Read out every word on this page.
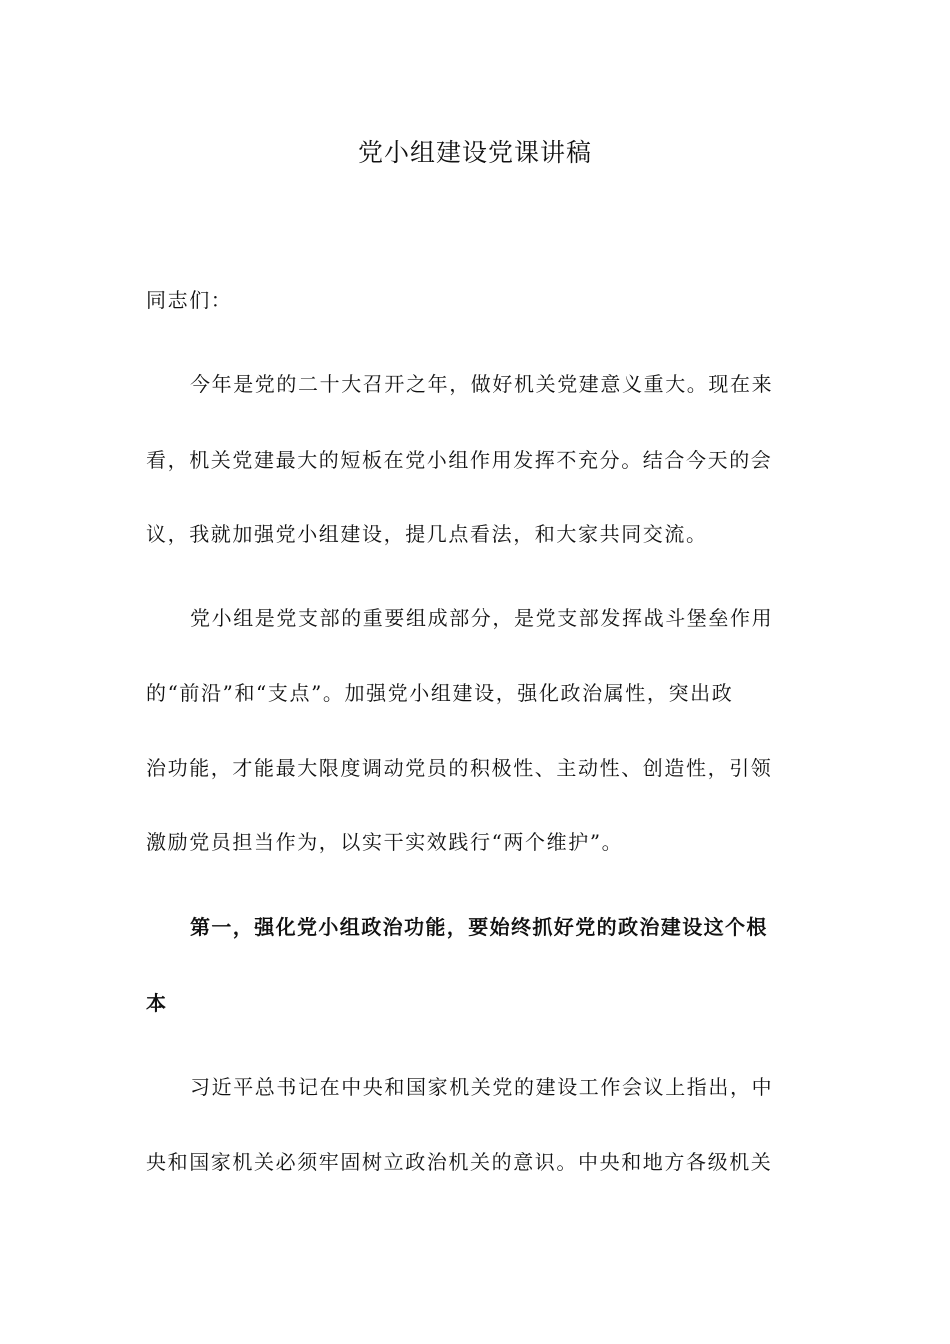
党小组建设党课讲稿

同志们：

今年是党的二十大召开之年，做好机关党建意义重大。现在来

看，机关党建最大的短板在党小组作用发挥不充分。结合今天的会

议，我就加强党小组建设，提几点看法，和大家共同交流。

党小组是党支部的重要组成部分，是党支部发挥战斗堡垒作用

的“前沿”和“支点”。加强党小组建设，强化政治属性，突出政

治功能，才能最大限度调动党员的积极性、主动性、创造性，引领

激励党员担当作为，以实干实效践行“两个维护”。

第一，强化党小组政治功能，要始终抓好党的政治建设这个根

本

习近平总书记在中央和国家机关党的建设工作会议上指出，中

央和国家机关必须牢固树立政治机关的意识。中央和地方各级机关
